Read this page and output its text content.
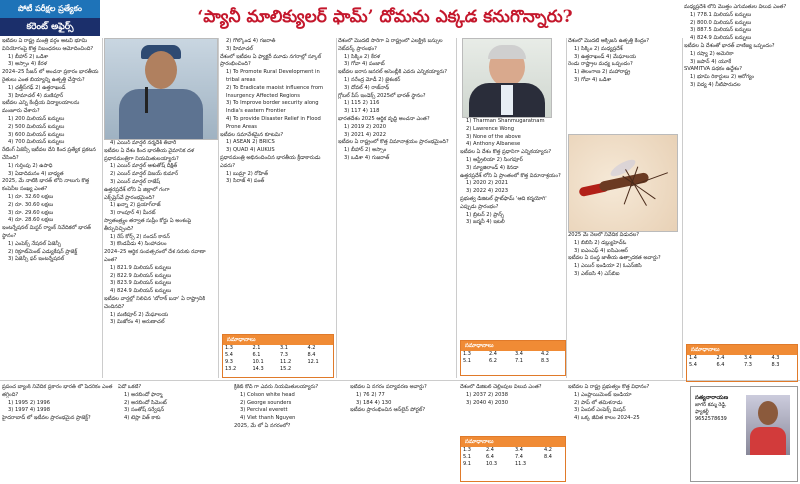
పోటీ పరీక్షల ప్రత్యేకం
కరెంట్ అఫైర్స్	‘ప్యానీ మాలిక్యులర్ ఫామ్’ దోమను ఎక్కడ కనుగొన్నారు?
ఇటీవల ఏ రాష్ట్ర మంత్రి వర్గం అటవీ భూమి వినియోగంపై కొత్త నిబంధనలు ఆమోదించింది?
1) బీహార్ 2) ఒడిశా
3) అస్సాం 4) కేరళ
2024–25 సీజన్ లో అంచనా ప్రకారం భారతీయ రైతులు ఎంత బియ్యాన్ని ఉత్పత్తి చేస్తారు?
1) ఛత్తీస్‌గఢ్ 2) ఉత్తరాఖండ్
3) హిమాచల్ 4) మణిపూర్
ఇటీవల ఎన్ని కేంద్రీయ విద్యాలయాలను మంజూరు చేశారు?
1) 200 మిలియన్ టన్నులు
2) 500 మిలియన్ టన్నులు
3) 600 మిలియన్ టన్నులు
4) 700 మిలియన్ టన్నులు
రేటింగ్ ఏజెన్సీ ఇటీవల దేని కింద ప్రత్యేక ప్రకటన చేసింది?
1) గుర్తింపు 2) ఉపాధి
3) ఏడాదిమనం 4) బాధ్యత
2025, మే నాటికి భారత్ లోని నాలుగు కొత్త కంపెనీల సంఖ్య ఎంత?
1) రూ. 32.60 లక్షలు
2) రూ. 30.60 లక్షలు
3) రూ. 29.60 లక్షలు
4) రూ. 28.60 లక్షలు
ఇంటర్నేషనల్ మిస్టర్ ర్యాంక్ నివేదికలో భారత్ స్థానం?
1) ఎంపెక్స్ నేషనల్ ఏజెన్సీ
2) రిక్రూట్‌మెంట్ ఎడ్యుకేషన్ ప్రాజెక్ట్
3) ఏజెన్సీ ఫర్ ఇంటర్నేషనల్
4) ఎయిర్ మార్షల్ నర్మదేశ్ తివారీ
ఇటీవల ఏ దేశం కింద భారతీయ వైమానిక దళ ప్రధానమంత్రిగా నియమితులయ్యారు?
1) ఎయిర్ మార్షల్ ఆశుతోష్ దీక్షిత్
2) ఎయిర్ మార్షల్ విజయ్ కుమార్
3) ఎయిర్ మార్షల్ రాజేష్
ఉత్తరప్రదేశ్ లోని ఏ జిల్లాలో గంగా
ఎక్స్‌ప్రెస్‌వే ప్రారంభమైంది?
1) ఖన్నా 2) ప్రయాగ్‌రాజ్
3) రాంపూర్ 4) మీరట్
స్వాతంత్ర్యం తర్వాత సుప్రీం కోర్టు ఏ అంశంపై తీర్పునిచ్చింది?
1) రేస్ కోర్స్ 2) నందన్ కానన్
3) కొండవీడు 4) సింహాచలం
2024–25 ఆర్థిక సంవత్సరంలో దేశ సరుకు రవాణా ఎంత?
1) 821.9 మిలియన్ టన్నులు
2) 822.9 మిలియన్ టన్నులు
3) 823.9 మిలియన్ టన్నులు
4) 824.9 మిలియన్ టన్నులు
ఇటీవల వార్తల్లో నిలిచిన 'బోరాక్ బనా' ఏ రాష్ట్రానికి చెందినది?
1) మణిపూర్ 2) మేఘాలయ
3) మిజోరం 4) అరుణాచల్
2) గోల్కొండ 4) గజరాత్
3) హిమాచల్
దేశంలో ఇటీవల ఏ ఫ్యాక్టరీ మూడు నగరాల్లో స్కూల్ ప్రారంభించింది?
1) To Promote Rural Development in tribal areas
2) To Eradicate maoist influence from Insurgency Affected Regions
3) To Improve border security along India's eastern Frontier
4) To provide Disaster Relief in Flood Prone Areas
ఇటీవల సమావేశమైన కూటమి?
1) ASEAN 2) BRICS
3) QUAD 4) AUKUS
ప్రధానమంత్రి అభినందించిన భారతీయ క్రీడాకారుడు ఎవరు?
1) బుమ్రా 2) రోహిత్
3) సిరాజ్ 4) పంత్
సమాధానాలు
1.3	2.1	3.1	4.2
5.4	6.1	7.3	8.4
9.3	10.1	11.2	12.1
13.2	14.3	15.2	
దేశంలో మొదటి సారిగా ఏ రాష్ట్రంలో ఎలక్ట్రిక్ బస్సుల నెట్‌వర్క్ ప్రారంభం?
1) సిక్కిం 2) కేరళ
3) గోవా 4) పంజాబ్
ఇటీవల ఐరాస జనరల్ అసెంబ్లీకి ఎవరు ఎన్నికయ్యారు?
1) నరేంద్ర మోడీ 2) జైశంకర్
3) దోవల్ 4) రాజ్‌నాథ్
గ్లోబల్ పీస్ ఇండెక్స్ 2025లో భారత్ స్థానం?
1) 115 2) 116
3) 117 4) 118
భారతదేశం 2025 ఆర్థిక వృద్ధి అంచనా ఎంత?
1) 2019 2) 2020
3) 2021 4) 2022
ఇటీవల ఏ రాష్ట్రంలో కొత్త విమానాశ్రయం ప్రారంభమైంది?
1) బీహార్ 2) అస్సాం
3) ఒడిశా 4) గుజరాత్
1) Tharman Shanmugaratnam
2) Lawrence Wong
3) None of the above
4) Anthony Albanese
ఇటీవల ఏ దేశం కొత్త ప్రధానిగా ఎన్నికయ్యారు?
1) ఆస్ట్రేలియా 2) సింగపూర్
3) న్యూజిలాండ్ 4) కెనడా
ఉత్తరప్రదేశ్ లోని ఏ ప్రాంతంలో కొత్త విమానాశ్రయం?
1) 2020 2) 2021
3) 2022 4) 2023
ప్రభుత్వ డిజిటల్ ప్లాట్‌ఫామ్ 'ఆది కర్మయోగి' ఎప్పుడు ప్రారంభం?
1) బ్రిటన్ 2) ఫ్రాన్స్
3) జర్మనీ 4) ఇటలీ
సమాధానాలు
1.3	2.4	3.4	4.2
5.1	6.2	7.1	8.3
దేశంలో మొదటి ఆక్సిజన్ ఉత్పత్తి కేంద్రం?
1) సిక్కిం 2) మధ్యప్రదేశ్
3) ఉత్తరాఖండ్ 4) మేఘాలయ
రెండు రాష్ట్రాల మధ్య ఒప్పందం?
1) తెలంగాణ 2) మహారాష్ట్ర
3) గోవా 4) ఒడిశా
2025 మే నెలలో నివేదిక విడుదల?
1) బిబిసి 2) డబ్ల్యుహెచ్ఓ
3) ఐఎంఎఫ్ 4) ఐసిఎంఆర్
ఇటీవల ఏ సంస్థ జాతీయ ఉత్పాదకత అవార్డు?
1) ఎయిర్ ఇండియా 2) ఓఎన్‌జిసి
3) ఎల్ఐసి 4) ఎస్‌బిఐ
మధ్యప్రదేశ్ లోని మొత్తం ఎగుమతుల విలువ ఎంత?
1) 778.1 మిలియన్ టన్నులు
2) 800.0 మిలియన్ టన్నులు
3) 887.5 మిలియన్ టన్నులు
4) 824.9 మిలియన్ టన్నులు
ఇటీవల ఏ దేశంతో భారత్ వాణిజ్య ఒప్పందం?
1) రష్యా 2) అమెరికా
3) జపాన్ 4) యూకే
SVAMITVA పథకం ఉద్దేశం?
1) భూమి రికార్డులు 2) ఆరోగ్యం
3) విద్య 4) నీటిపారుదల
ప్రపంచ బ్యాంక్ నివేదిక ప్రకారం భారత్ లో పేదరికం ఎంత తగ్గింది?
1) 1995 2) 1996
3) 1997 4) 1998
హైదరాబాద్ లో ఇటీవల ప్రారంభమైన ప్రాజెక్ట్?
ఏదో ఒకటి?
1) అరబిందో ఫార్మా
2) అరబిందో సిమెంట్
3) సంతోష్ సర్వేషన్
4) టెస్లా విత్ కాకు
క్రికెట్ కోచ్ గా ఎవరు నియమితులయ్యారు?
1) Colson white head
2) George sounders
3) Percival everett
4) Viet thanh Nguyen
2025, మే లో ఏ నగరంలో?
ఇటీవల ఏ నగరం పర్యావరణ అవార్డు?
1) 76 2) 77
3) 184 4) 130
ఇటీవల ప్రారంభించిన ఆన్‌లైన్ పోర్టల్?
దేశంలో డిజిటల్ చెల్లింపుల విలువ ఎంత?
1) 2037 2) 2038
3) 2040 4) 2030
సమాధానాలు
1.3	2.4	3.4	4.2
5.1	6.4	7.4	8.4
9.1	10.3	11.3	
ఇటీవల ఏ రాష్ట్ర ప్రభుత్వం కొత్త విధానం?
1) ఎంప్లాయిమెంట్ ఇండియా
2) పాప్ లో తమిళనాడు
3) ఏంపల్ ఎంపెక్స్ మిషన్
4) ఒక్క జీవిత కాలం 2024–25
సమాధానాలు
1.4	2.4	3.4	4.3
5.4	6.4	7.3	8.3
సత్యనారాయణ
జాగర్ కమ్మ రెడ్డి,
ఫ్యాకల్టీ
9652578639
